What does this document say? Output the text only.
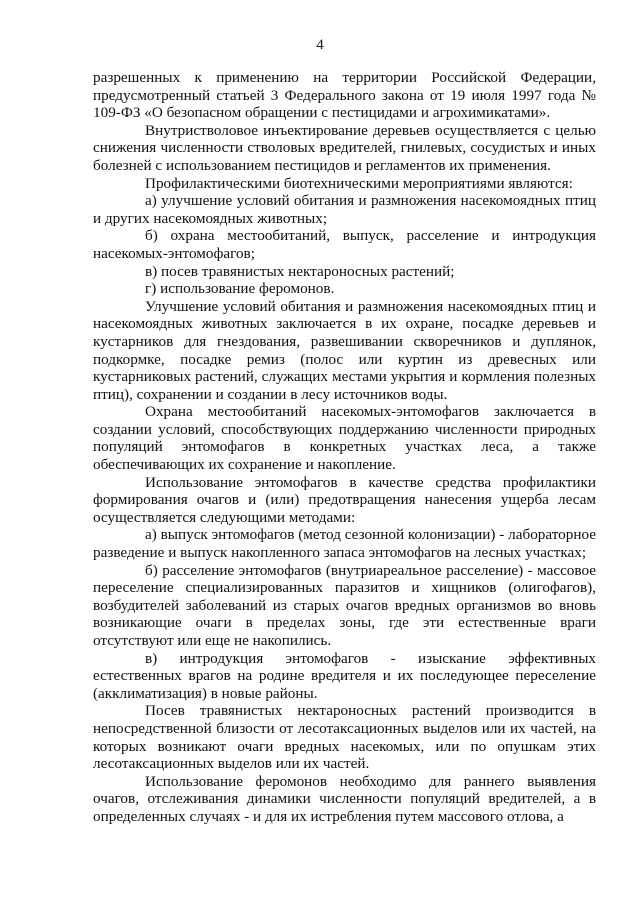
4

разрешенных к применению на территории Российской Федерации, предусмотренный статьей 3 Федерального закона от 19 июля 1997 года № 109-ФЗ «О безопасном обращении с пестицидами и агрохимикатами».

Внутристволовое инъектирование деревьев осуществляется с целью снижения численности стволовых вредителей, гнилевых, сосудистых и иных болезней с использованием пестицидов и регламентов их применения.

Профилактическими биотехническими мероприятиями являются:

а) улучшение условий обитания и размножения насекомоядных птиц и других насекомоядных животных;

б) охрана местообитаний, выпуск, расселение и интродукция насекомых-энтомофагов;

в) посев травянистых нектароносных растений;

г) использование феромонов.

Улучшение условий обитания и размножения насекомоядных птиц и насекомоядных животных заключается в их охране, посадке деревьев и кустарников для гнездования, развешивании скворечников и дуплянок, подкормке, посадке ремиз (полос или куртин из древесных или кустарниковых растений, служащих местами укрытия и кормления полезных птиц), сохранении и создании в лесу источников воды.

Охрана местообитаний насекомых-энтомофагов заключается в создании условий, способствующих поддержанию численности природных популяций энтомофагов в конкретных участках леса, а также обеспечивающих их сохранение и накопление.

Использование энтомофагов в качестве средства профилактики формирования очагов и (или) предотвращения нанесения ущерба лесам осуществляется следующими методами:

а) выпуск энтомофагов (метод сезонной колонизации) - лабораторное разведение и выпуск накопленного запаса энтомофагов на лесных участках;

б) расселение энтомофагов (внутриареальное расселение) - массовое переселение специализированных паразитов и хищников (олигофагов), возбудителей заболеваний из старых очагов вредных организмов во вновь возникающие очаги в пределах зоны, где эти естественные враги отсутствуют или еще не накопились.

в) интродукция энтомофагов - изыскание эффективных естественных врагов на родине вредителя и их последующее переселение (акклиматизация) в новые районы.

Посев травянистых нектароносных растений производится в непосредственной близости от лесотаксационных выделов или их частей, на которых возникают очаги вредных насекомых, или по опушкам этих лесотаксационных выделов или их частей.

Использование феромонов необходимо для раннего выявления очагов, отслеживания динамики численности популяций вредителей, а в определенных случаях - и для их истребления путем массового отлова, а
